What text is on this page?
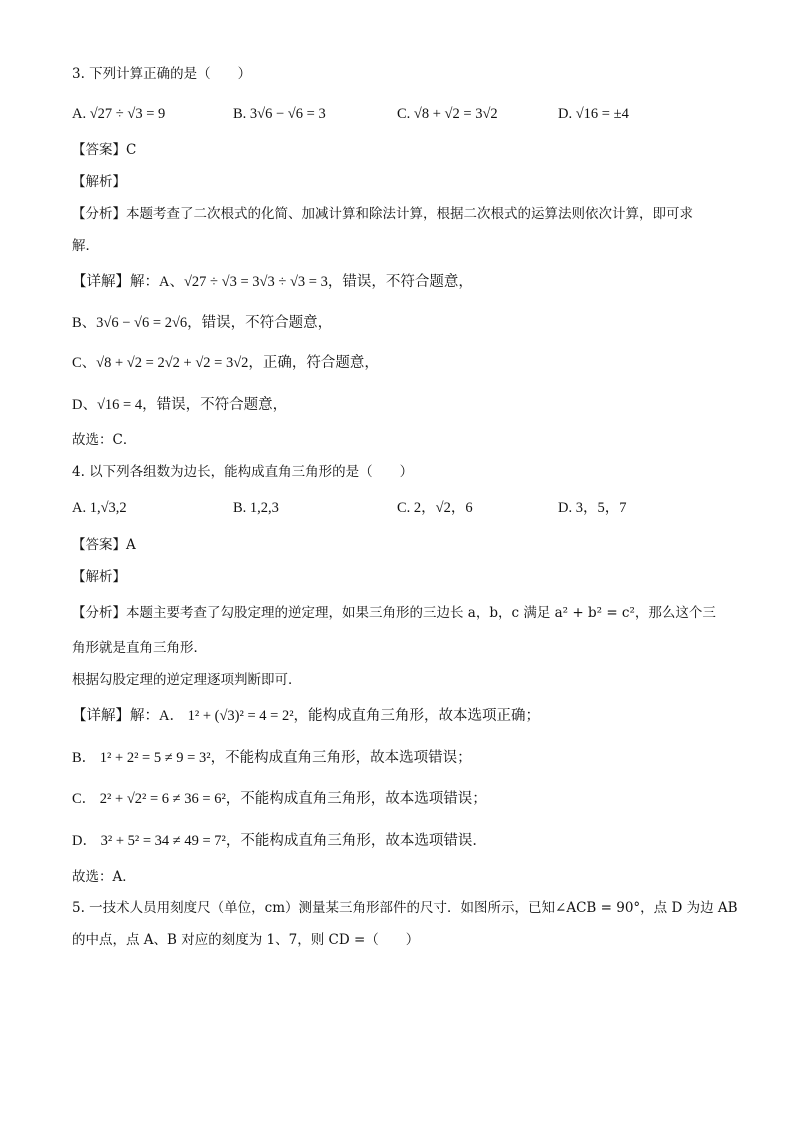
3. 下列计算正确的是（　　）
A. √27 ÷ √3 = 9	B. 3√6 − √6 = 3	C. √8 + √2 = 3√2	D. √16 = ±4
【答案】C
【解析】
【分析】本题考查了二次根式的化简、加减计算和除法计算，根据二次根式的运算法则依次计算，即可求
解．
【详解】解：A、√27 ÷ √3 = 3√3 ÷ √3 = 3，错误，不符合题意，
B、3√6 − √6 = 2√6，错误，不符合题意，
C、√8 + √2 = 2√2 + √2 = 3√2，正确，符合题意，
D、√16 = 4，错误，不符合题意，
故选：C．
4. 以下列各组数为边长，能构成直角三角形的是（　　）
A. 1,√3,2	B. 1,2,3	C. 2，√2，6	D. 3，5，7
【答案】A
【解析】
【分析】本题主要考查了勾股定理的逆定理，如果三角形的三边长 a，b，c 满足 a² + b² = c²，那么这个三
角形就是直角三角形．
根据勾股定理的逆定理逐项判断即可．
【详解】解：A． 1² + (√3)² = 4 = 2²，能构成直角三角形，故本选项正确；
B． 1² + 2² = 5 ≠ 9 = 3²，不能构成直角三角形，故本选项错误；
C． 2² + √2² = 6 ≠ 36 = 6²，不能构成直角三角形，故本选项错误；
D． 3² + 5² = 34 ≠ 49 = 7²，不能构成直角三角形，故本选项错误．
故选：A．
5. 一技术人员用刻度尺（单位，cm）测量某三角形部件的尺寸．如图所示，已知∠ACB = 90°，点 D 为边 AB
的中点，点 A、B 对应的刻度为 1、7，则 CD =（　　）
